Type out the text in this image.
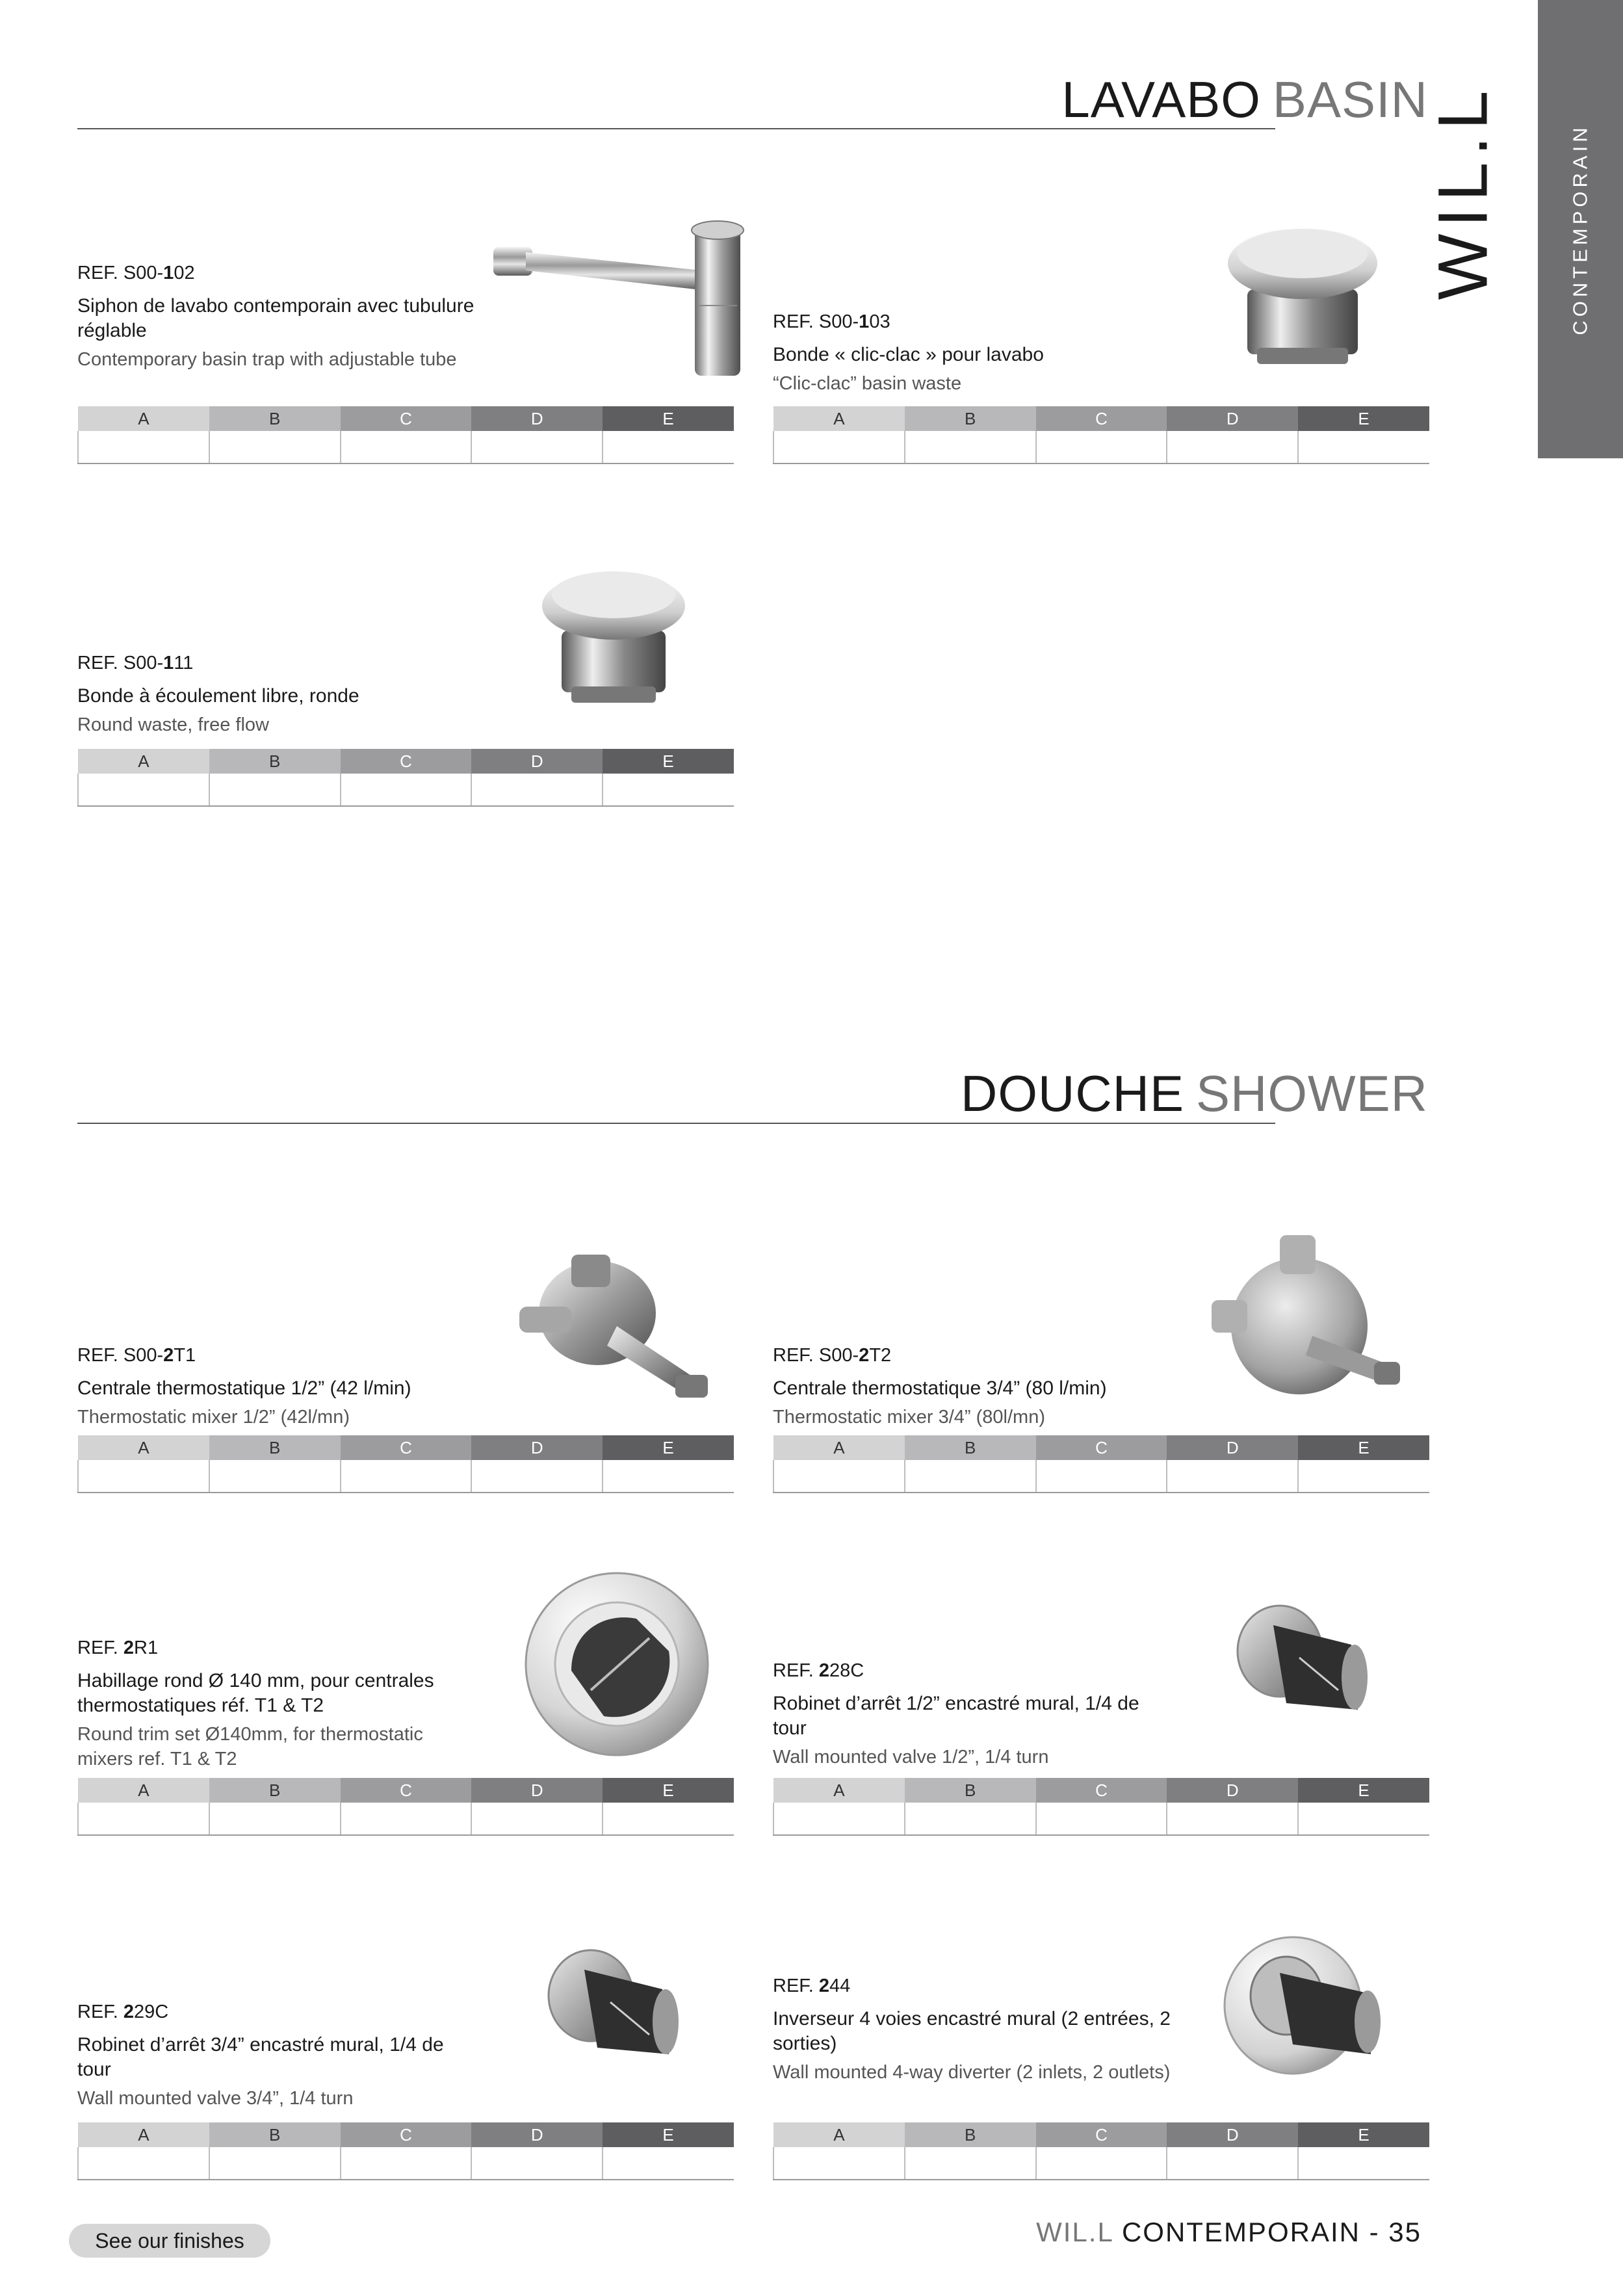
CONTEMPORAIN
WIL.L
LAVABO BASIN
REF. S00-102
Siphon de lavabo contemporain avec tubulure réglable
Contemporary basin trap with adjustable tube
A	B	C	D	E

REF. S00-103
Bonde « clic-clac » pour lavabo
“Clic-clac” basin waste
A	B	C	D	E

REF. S00-111
Bonde à écoulement libre, ronde
Round waste, free flow
A	B	C	D	E

DOUCHE SHOWER
REF. S00-2T1
Centrale thermostatique 1/2” (42 l/min)
Thermostatic mixer 1/2” (42l/mn)
A	B	C	D	E

REF. S00-2T2
Centrale thermostatique 3/4” (80 l/min)
Thermostatic mixer 3/4” (80l/mn)
A	B	C	D	E

REF. 2R1
Habillage rond Ø 140 mm, pour centrales thermostatiques réf. T1 & T2
Round trim set Ø140mm, for thermostatic mixers ref. T1 & T2
A	B	C	D	E

REF. 228C
Robinet d’arrêt 1/2” encastré mural, 1/4 de tour
Wall mounted valve 1/2”, 1/4 turn
A	B	C	D	E

REF. 229C
Robinet d’arrêt 3/4” encastré mural, 1/4 de tour
Wall mounted valve 3/4”, 1/4 turn
A	B	C	D	E

REF. 244
Inverseur 4 voies encastré mural (2 entrées, 2 sorties)
Wall mounted 4-way diverter (2 inlets, 2 outlets)
A	B	C	D	E

See our finishes	WIL.L CONTEMPORAIN - 35
